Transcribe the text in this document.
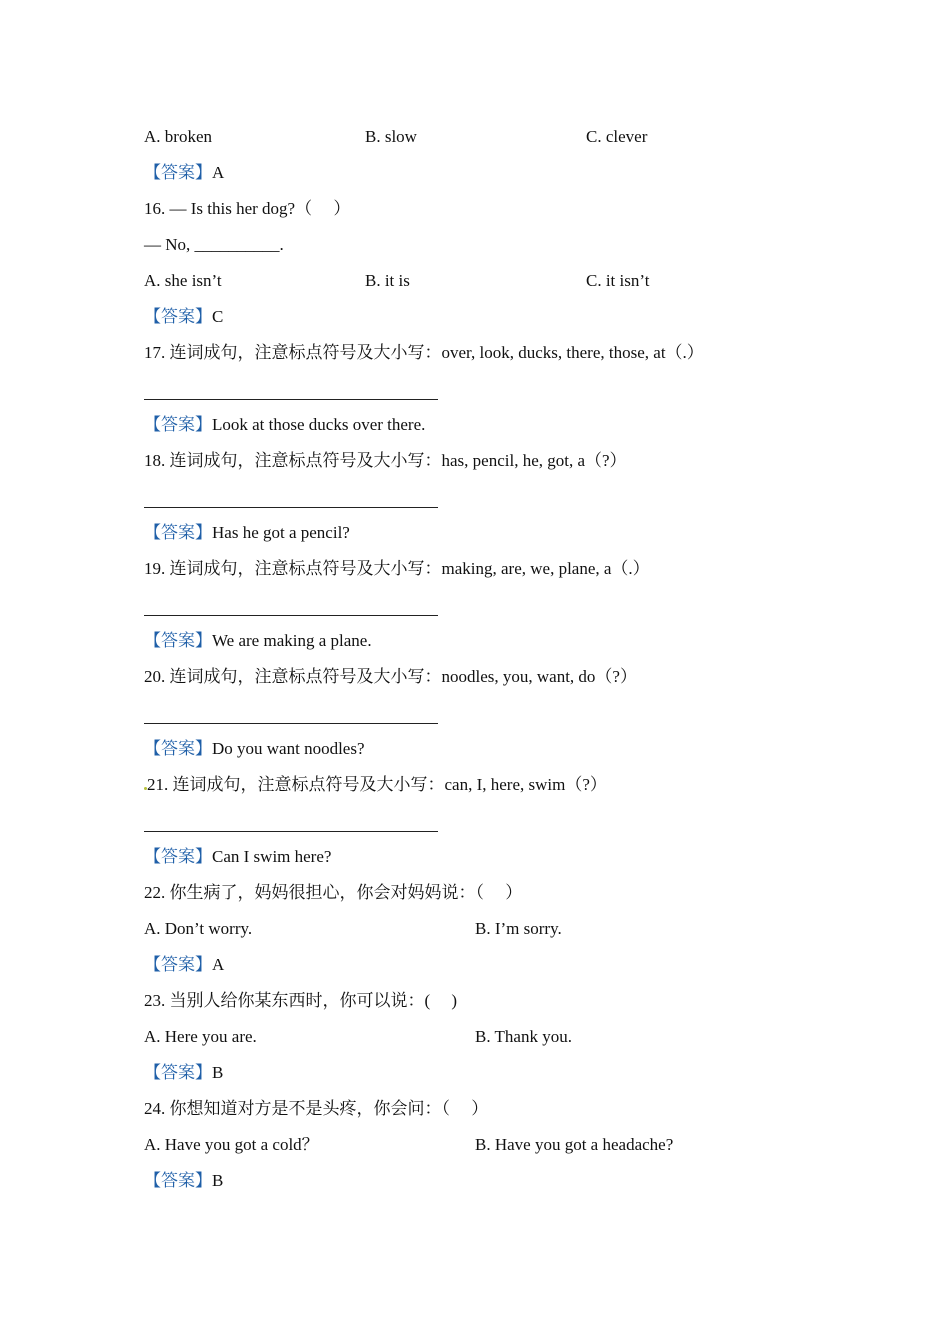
A. broken	B. slow	C. clever
【答案】A
16. — Is this her dog?（　 ）
— No, __________.
A. she isn’t	B. it is	C. it isn’t
【答案】C
17. 连词成句，注意标点符号及大小写：over, look, ducks, there, those, at（.）
【答案】Look at those ducks over there.
18. 连词成句，注意标点符号及大小写：has, pencil, he, got, a（?）
【答案】Has he got a pencil?
19. 连词成句，注意标点符号及大小写：making, are, we, plane, a（.）
【答案】We are making a plane.
20. 连词成句，注意标点符号及大小写：noodles, you, want, do（?）
【答案】Do you want noodles?
21. 连词成句，注意标点符号及大小写：can, I, here, swim（?）
【答案】Can I swim here?
22. 你生病了，妈妈很担心，你会对妈妈说：（　 ）
A. Don’t worry.	B. I’m sorry.
【答案】A
23. 当别人给你某东西时，你可以说：(　 )
A. Here you are.	B. Thank you.
【答案】B
24. 你想知道对方是不是头疼，你会问：（　 ）
A. Have you got a cold？	B. Have you got a headache?
【答案】B
